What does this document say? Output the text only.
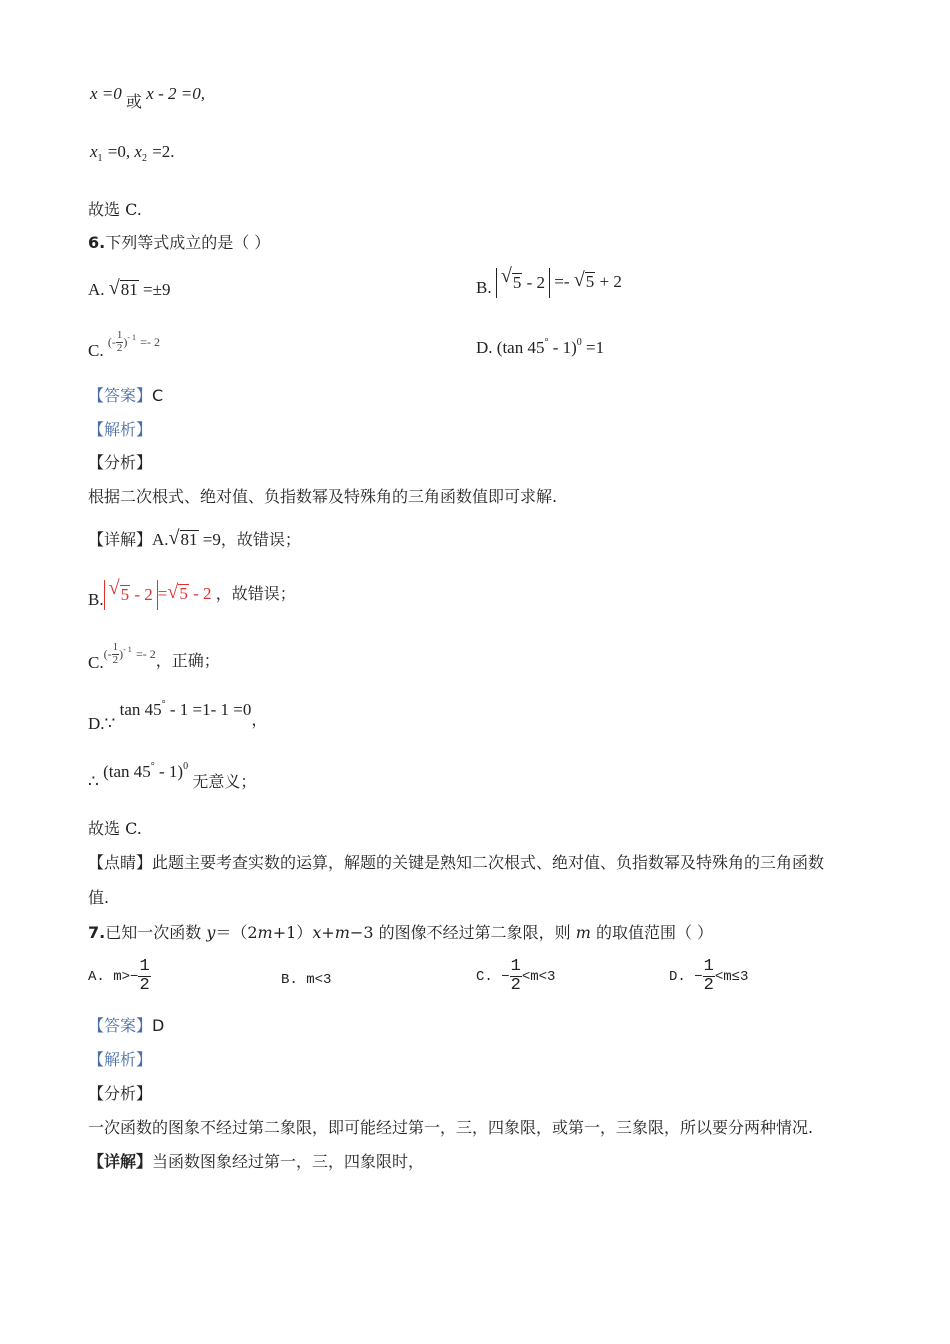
x =0 或 x - 2 =0,
$x_1 =0$, $x_2 =2$.
故选 C.
6.下列等式成立的是（ ）
A. √ 81 =±9	B.
√ 5 - 2 =- √ 5 + 2
C. (- $\frac{1}{2} )^{- 1} =- 2$	D. (tan 45° - 1)$^0$ =1
【答案】C
【解析】
【分析】
根据二次根式、绝对值、负指数幂及特殊角的三角函数值即可求解.
【详解】A. √ 81 =9，故错误；
B.
√ 5 - 2 = √ 5 - 2 ，故错误；
$C.(- \frac{1}{2} )^{- 1} =- 2$，正确；
D.∵ tan 45° - 1 =1- 1 =0，
∴ (tan 45° - 1)$^0$ 无意义；
故选 C.
【点睛】此题主要考查实数的运算，解题的关键是熟知二次根式、绝对值、负指数幂及特殊角的三角函数
值.
7.已知一次函数 y＝（2m+1）x+m−3 的图像不经过第二象限，则 m 的取值范围（ ）
A. $m>- \frac{1}{2}$	B. m<3	C. − $\frac{1}{2} <m<3$	D. − $\frac{1}{2} <m\le 3$
【答案】D
【解析】
【分析】
一次函数的图象不经过第二象限，即可能经过第一，三，四象限，或第一，三象限，所以要分两种情况.
【详解】当函数图象经过第一，三，四象限时，
